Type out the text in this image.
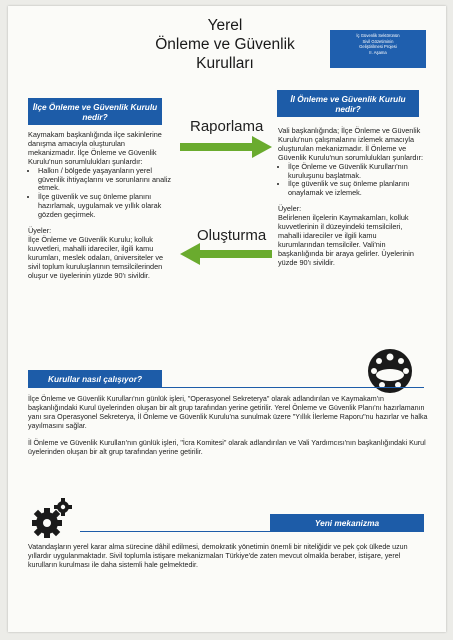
Yerel
Önleme ve Güvenlik
Kurulları
İç Güvenlik Sektörünün
Sivil Gözetiminin
Geliştirilmesi Projesi
II. Aşama
İlçe Önleme ve Güvenlik Kurulu
nedir?
İl Önleme ve Güvenlik Kurulu
nedir?

Kaymakam başkanlığında ilçe sakinlerine danışma amacıyla oluşturulan mekanizmadır. İlçe Önleme ve Güvenlik Kurulu'nun sorumlulukları şunlardır:

• Halkın / bölgede yaşayanların yerel güvenlik ihtiyaçlarını ve sorunlarını analiz etmek.
• İlçe güvenlik ve suç önleme planını hazırlamak, uygulamak ve yıllık olarak gözden geçirmek.

Üyeler:

İlçe Önleme ve Güvenlik Kurulu; kolluk kuvvetleri, mahalli idareciler, ilgili kamu kurumları, meslek odaları, üniversiteler ve sivil toplum kuruluşlarının temsilcilerinden oluşur ve üyelerinin yüzde 90'ı sivildir.

Vali başkanlığında; İlçe Önleme ve Güvenlik Kurulu'nun çalışmalarını izlemek amacıyla oluşturulan mekanizmadır. İl Önleme ve Güvenlik Kurulu'nun sorumlulukları şunlardır:

• İlçe Önleme ve Güvenlik Kurulları'nın kuruluşunu başlatmak.
• İlçe güvenlik ve suç önleme planlarını onaylamak ve izlemek.

Üyeler:

Belirlenen ilçelerin Kaymakamları, kolluk kuvvetlerinin il düzeyindeki temsilcileri, mahalli idareciler ve ilgili kamu kurumlarından temsilciler. Vali'nin başkanlığında bir araya gelirler. Üyelerinin yüzde 90'ı sivildir.

Raporlama
Oluşturma
Kurullar nasıl çalışıyor?

İlçe Önleme ve Güvenlik Kurulları'nın günlük işleri, "Operasyonel Sekreterya" olarak adlandırılan ve Kaymakam'ın başkanlığındaki Kurul üyelerinden oluşan bir alt grup tarafından yerine getirilir. Yerel Önleme ve Güvenlik Planı'nı hazırlamanın yanı sıra Operasyonel Sekreterya, İl Önleme ve Güvenlik Kurulu'na sunulmak üzere "Yıllık İlerleme Raporu"nu hazırlar ve halka yayılmasını sağlar.

İl Önleme ve Güvenlik Kurulları'nın günlük işleri, "İcra Komitesi" olarak adlandırılan ve Vali Yardımcısı'nın başkanlığındaki Kurul üyelerinden oluşan bir alt grup tarafından yerine getirilir.

Yeni mekanizma

Vatandaşların yerel karar alma sürecine dâhil edilmesi, demokratik yönetimin önemli bir niteliğidir ve pek çok ülkede uzun yıllardır uygulanmaktadır. Sivil toplumla istişare mekanizmaları Türkiye'de zaten mevcut olmakla beraber, istişare, yerel kurulların kurulması ile daha sistemli hale gelmektedir.
